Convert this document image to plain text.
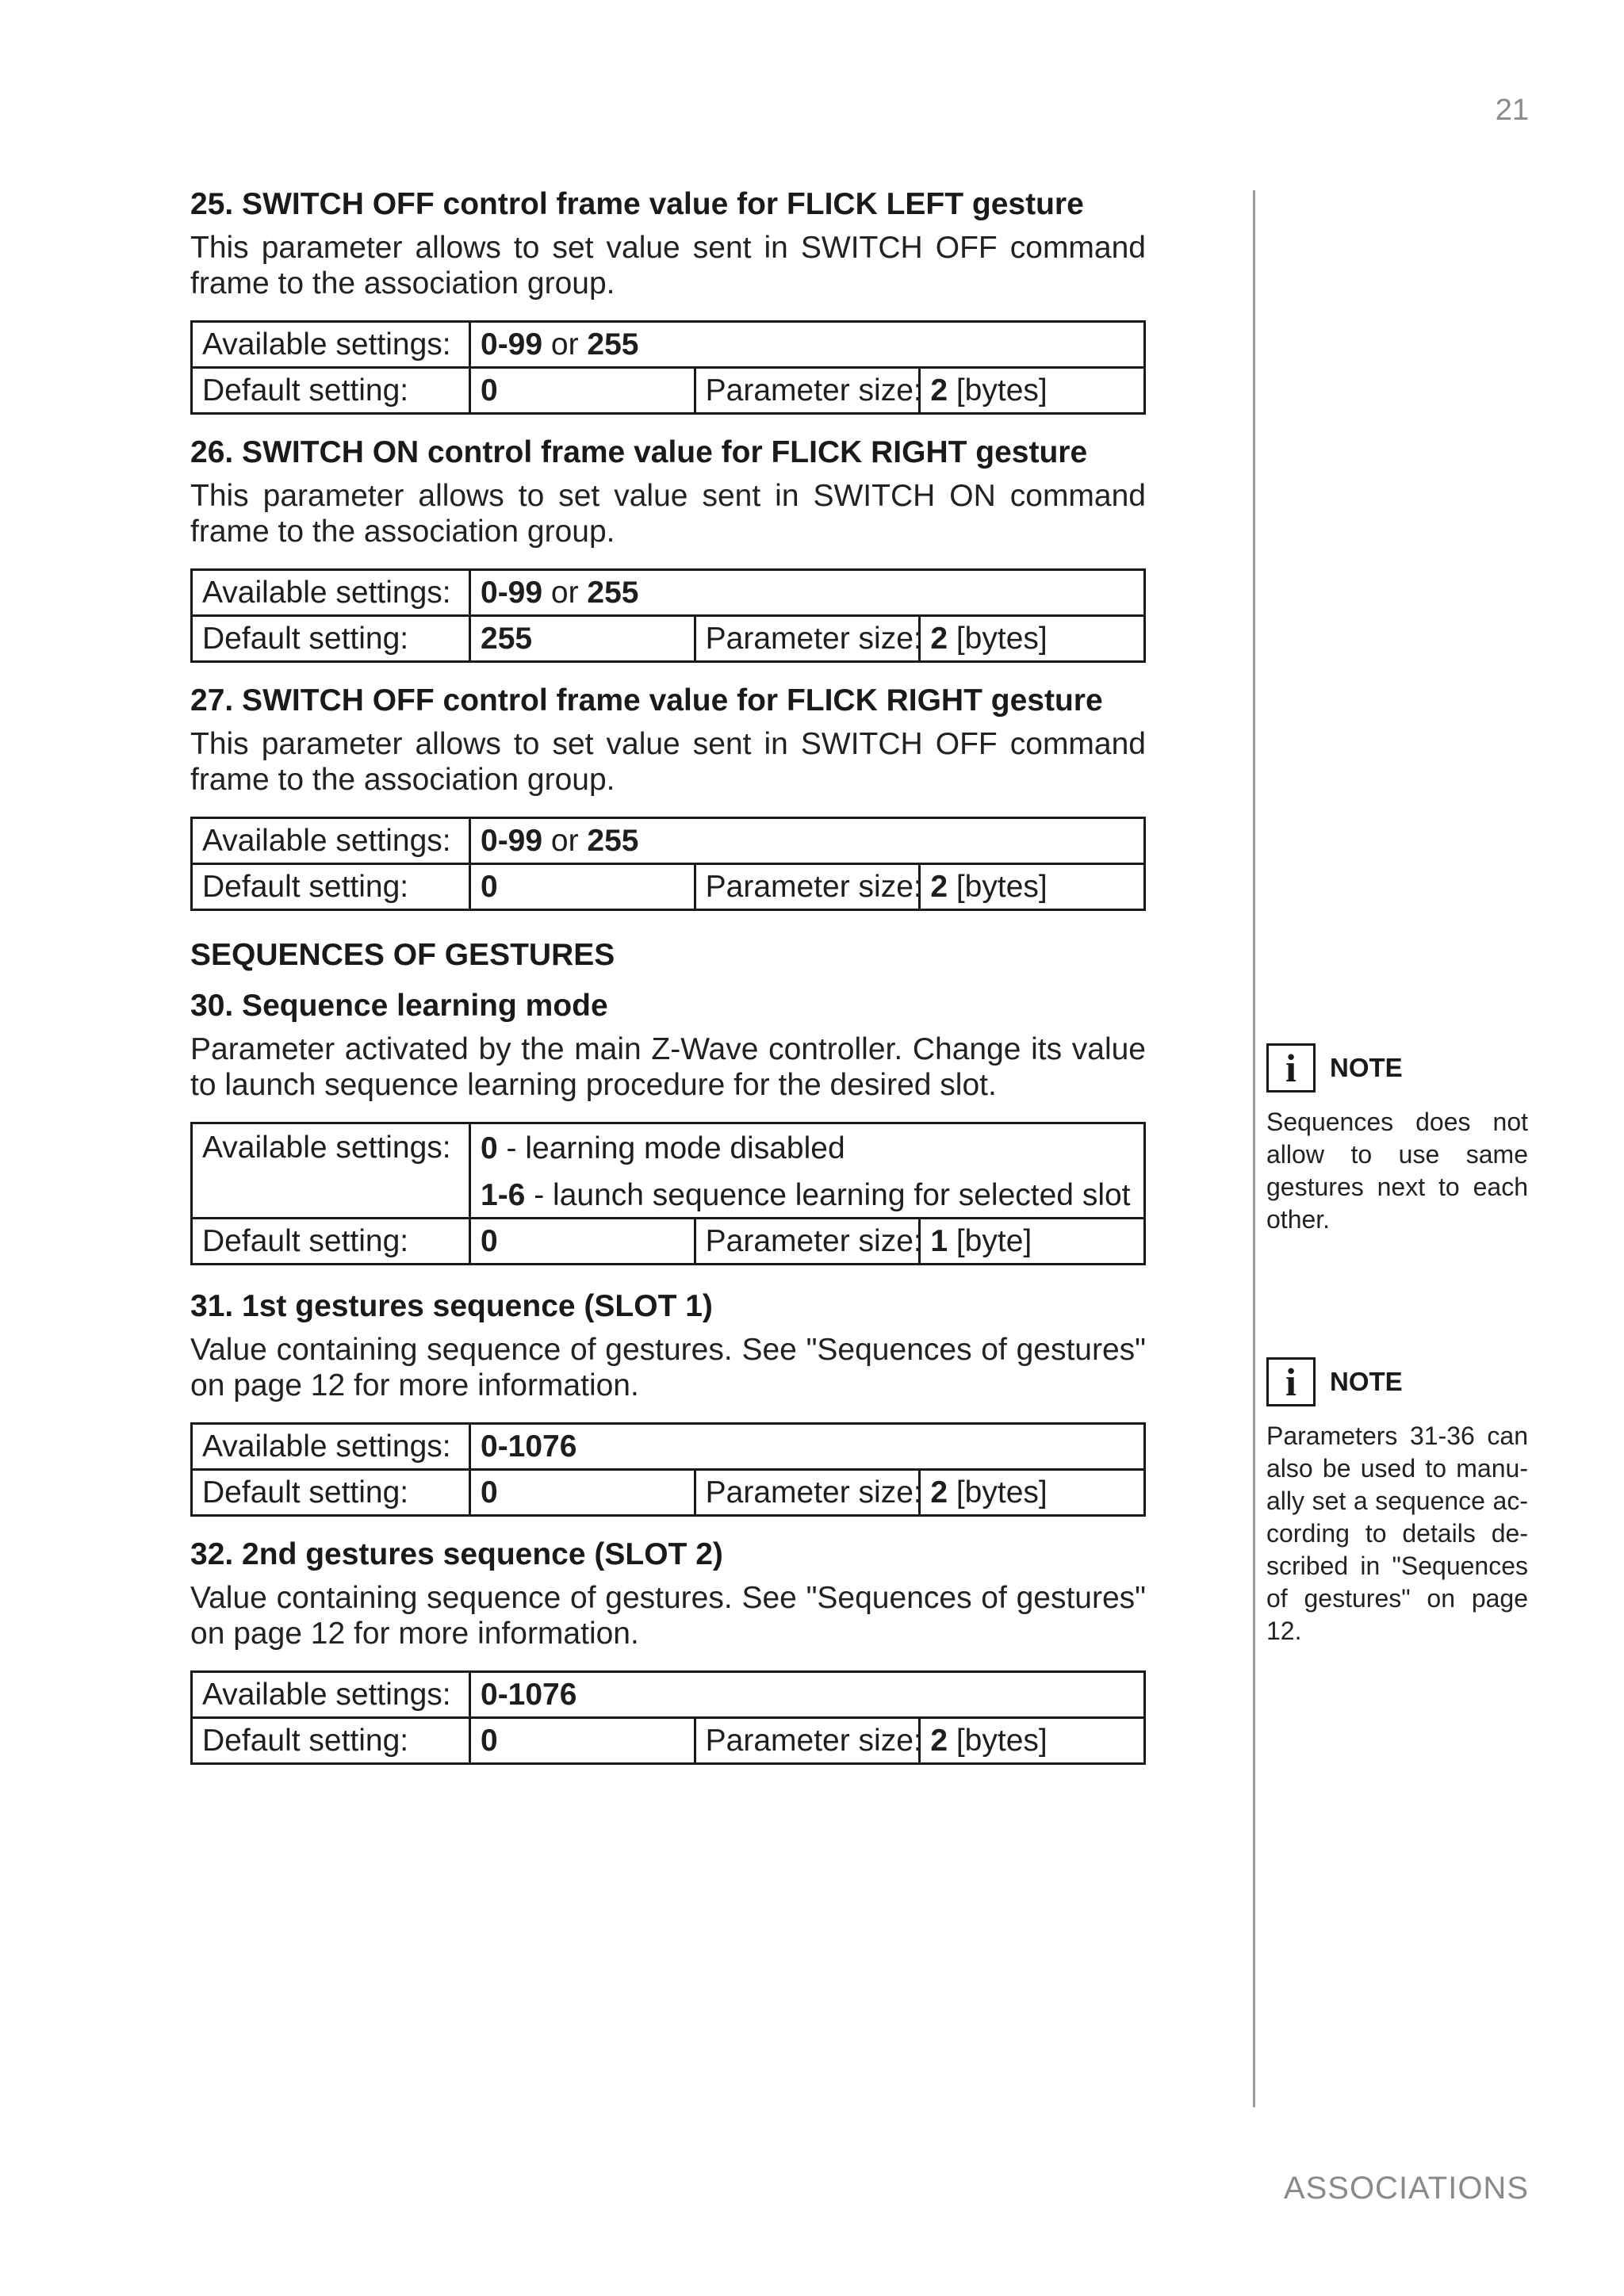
21
25. SWITCH OFF control frame value for FLICK LEFT gesture

This parameter allows to set value sent in SWITCH OFF command frame to the association group.

Available settings:	0-99 or 255		
Default setting:	0	Parameter size:	2 [bytes]
26. SWITCH ON control frame value for FLICK RIGHT gesture

This parameter allows to set value sent in SWITCH ON command frame to the association group.

Available settings:	0-99 or 255		
Default setting:	255	Parameter size:	2 [bytes]
27. SWITCH OFF control frame value for FLICK RIGHT gesture

This parameter allows to set value sent in SWITCH OFF command frame to the association group.

Available settings:	0-99 or 255		
Default setting:	0	Parameter size:	2 [bytes]
SEQUENCES OF GESTURES
30. Sequence learning mode

Parameter activated by the main Z-Wave controller. Change its value to launch sequence learning procedure for the desired slot.

Available settings:	0 - learning mode disabled		
	1-6 - launch sequence learning for selected slot		
Default setting:	0	Parameter size:	1 [byte]
31. 1st gestures sequence (SLOT 1)

Value containing sequence of gestures. See "Sequences of gestures" on page 12 for more information.

Available settings:	0-1076		
Default setting:	0	Parameter size:	2 [bytes]
32. 2nd gestures sequence (SLOT 2)

Value containing sequence of gestures. See "Sequences of gestures" on page 12 for more information.

Available settings:	0-1076		
Default setting:	0	Parameter size:	2 [bytes]
i	NOTE
Sequences does not allow to use same gestures next to each other.
i	NOTE
Parameters 31-36 can also be used to manually set a sequence according to details described in "Sequences of gestures" on page 12.
ASSOCIATIONS
